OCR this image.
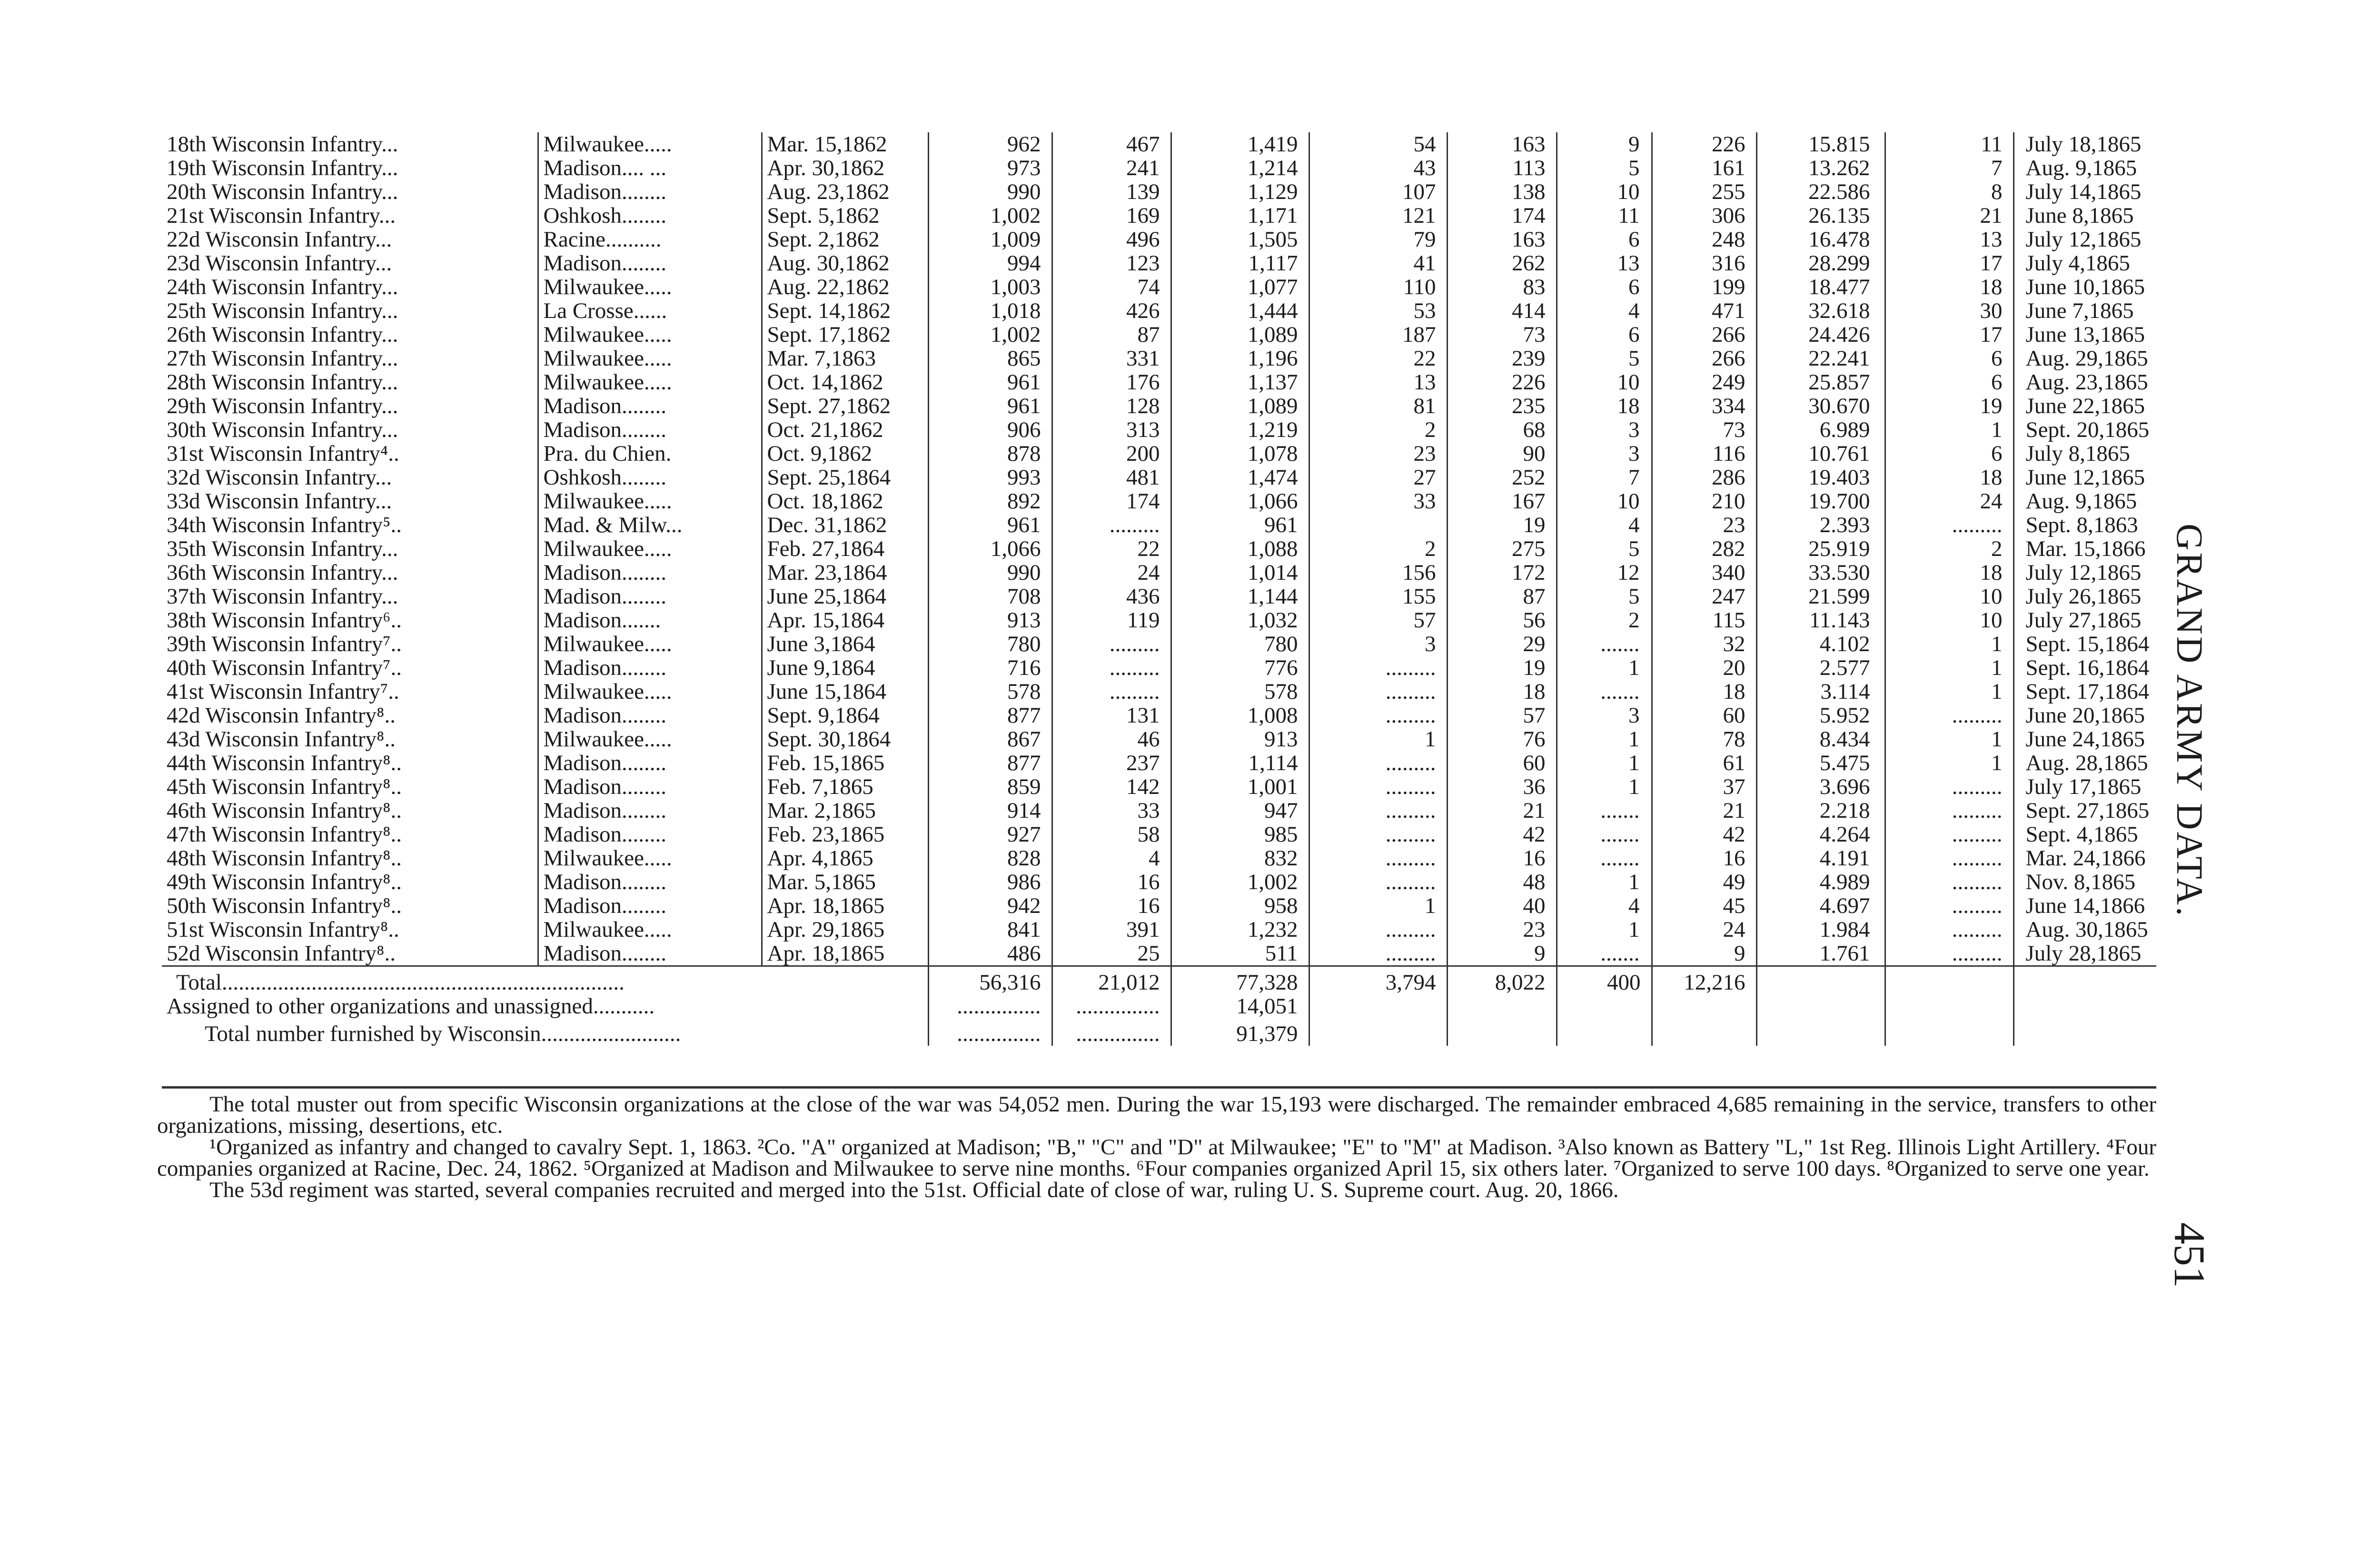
18th Wisconsin Infantry...	Milwaukee.....	Mar. 15,1862	962	467	1,419	54	163	9	226	15.815	11	July 18,1865
19th Wisconsin Infantry...	Madison.... ...	Apr. 30,1862	973	241	1,214	43	113	5	161	13.262	7	Aug. 9,1865
20th Wisconsin Infantry...	Madison........	Aug. 23,1862	990	139	1,129	107	138	10	255	22.586	8	July 14,1865
21st Wisconsin Infantry...	Oshkosh........	Sept. 5,1862	1,002	169	1,171	121	174	11	306	26.135	21	June 8,1865
22d Wisconsin Infantry...	Racine..........	Sept. 2,1862	1,009	496	1,505	79	163	6	248	16.478	13	July 12,1865
23d Wisconsin Infantry...	Madison........	Aug. 30,1862	994	123	1,117	41	262	13	316	28.299	17	July 4,1865
24th Wisconsin Infantry...	Milwaukee.....	Aug. 22,1862	1,003	74	1,077	110	83	6	199	18.477	18	June 10,1865
25th Wisconsin Infantry...	La Crosse......	Sept. 14,1862	1,018	426	1,444	53	414	4	471	32.618	30	June 7,1865
26th Wisconsin Infantry...	Milwaukee.....	Sept. 17,1862	1,002	87	1,089	187	73	6	266	24.426	17	June 13,1865
27th Wisconsin Infantry...	Milwaukee.....	Mar. 7,1863	865	331	1,196	22	239	5	266	22.241	6	Aug. 29,1865
28th Wisconsin Infantry...	Milwaukee.....	Oct. 14,1862	961	176	1,137	13	226	10	249	25.857	6	Aug. 23,1865
29th Wisconsin Infantry...	Madison........	Sept. 27,1862	961	128	1,089	81	235	18	334	30.670	19	June 22,1865
30th Wisconsin Infantry...	Madison........	Oct. 21,1862	906	313	1,219	2	68	3	73	6.989	1	Sept. 20,1865
31st Wisconsin Infantry⁴..	Pra. du Chien.	Oct. 9,1862	878	200	1,078	23	90	3	116	10.761	6	July 8,1865
32d Wisconsin Infantry...	Oshkosh........	Sept. 25,1864	993	481	1,474	27	252	7	286	19.403	18	June 12,1865
33d Wisconsin Infantry...	Milwaukee.....	Oct. 18,1862	892	174	1,066	33	167	10	210	19.700	24	Aug. 9,1865
34th Wisconsin Infantry⁵..	Mad. & Milw...	Dec. 31,1862	961	.........	961		19	4	23	2.393	.........	Sept. 8,1863
35th Wisconsin Infantry...	Milwaukee.....	Feb. 27,1864	1,066	22	1,088	2	275	5	282	25.919	2	Mar. 15,1866
36th Wisconsin Infantry...	Madison........	Mar. 23,1864	990	24	1,014	156	172	12	340	33.530	18	July 12,1865
37th Wisconsin Infantry...	Madison........	June 25,1864	708	436	1,144	155	87	5	247	21.599	10	July 26,1865
38th Wisconsin Infantry⁶..	Madison.......	Apr. 15,1864	913	119	1,032	57	56	2	115	11.143	10	July 27,1865
39th Wisconsin Infantry⁷..	Milwaukee.....	June 3,1864	780	.........	780	3	29	.......	32	4.102	1	Sept. 15,1864
40th Wisconsin Infantry⁷..	Madison........	June 9,1864	716	.........	776	.........	19	1	20	2.577	1	Sept. 16,1864
41st Wisconsin Infantry⁷..	Milwaukee.....	June 15,1864	578	.........	578	.........	18	.......	18	3.114	1	Sept. 17,1864
42d Wisconsin Infantry⁸..	Madison........	Sept. 9,1864	877	131	1,008	.........	57	3	60	5.952	.........	June 20,1865
43d Wisconsin Infantry⁸..	Milwaukee.....	Sept. 30,1864	867	46	913	1	76	1	78	8.434	1	June 24,1865
44th Wisconsin Infantry⁸..	Madison........	Feb. 15,1865	877	237	1,114	.........	60	1	61	5.475	1	Aug. 28,1865
45th Wisconsin Infantry⁸..	Madison........	Feb. 7,1865	859	142	1,001	.........	36	1	37	3.696	.........	July 17,1865
46th Wisconsin Infantry⁸..	Madison........	Mar. 2,1865	914	33	947	.........	21	.......	21	2.218	.........	Sept. 27,1865
47th Wisconsin Infantry⁸..	Madison........	Feb. 23,1865	927	58	985	.........	42	.......	42	4.264	.........	Sept. 4,1865
48th Wisconsin Infantry⁸..	Milwaukee.....	Apr. 4,1865	828	4	832	.........	16	.......	16	4.191	.........	Mar. 24,1866
49th Wisconsin Infantry⁸..	Madison........	Mar. 5,1865	986	16	1,002	.........	48	1	49	4.989	.........	Nov. 8,1865
50th Wisconsin Infantry⁸..	Madison........	Apr. 18,1865	942	16	958	1	40	4	45	4.697	.........	June 14,1866
51st Wisconsin Infantry⁸..	Milwaukee.....	Apr. 29,1865	841	391	1,232	.........	23	1	24	1.984	.........	Aug. 30,1865
52d Wisconsin Infantry⁸..	Madison........	Apr. 18,1865	486	25	511	.........	9	.......	9	1.761	.........	July 28,1865
Total........................................................................			56,316	21,012	77,328	3,794	8,022	400	12,216			
Assigned to other organizations and unassigned...........			...............	...............	14,051							
Total number furnished by Wisconsin.........................			...............	...............	91,379							

The total muster out from specific Wisconsin organizations at the close of the war was 54,052 men. During the war 15,193 were discharged. The remainder embraced 4,685 remaining in the service, transfers to other organizations, missing, desertions, etc.

¹Organized as infantry and changed to cavalry Sept. 1, 1863. ²Co. "A" organized at Madison; "B," "C" and "D" at Milwaukee; "E" to "M" at Madison. ³Also known as Battery "L," 1st Reg. Illinois Light Artillery. ⁴Four companies organized at Racine, Dec. 24, 1862. ⁵Organized at Madison and Milwaukee to serve nine months. ⁶Four companies organized April 15, six others later. ⁷Organized to serve 100 days. ⁸Organized to serve one year.

The 53d regiment was started, several companies recruited and merged into the 51st. Official date of close of war, ruling U. S. Supreme court. Aug. 20, 1866.

GRAND ARMY DATA.
451
